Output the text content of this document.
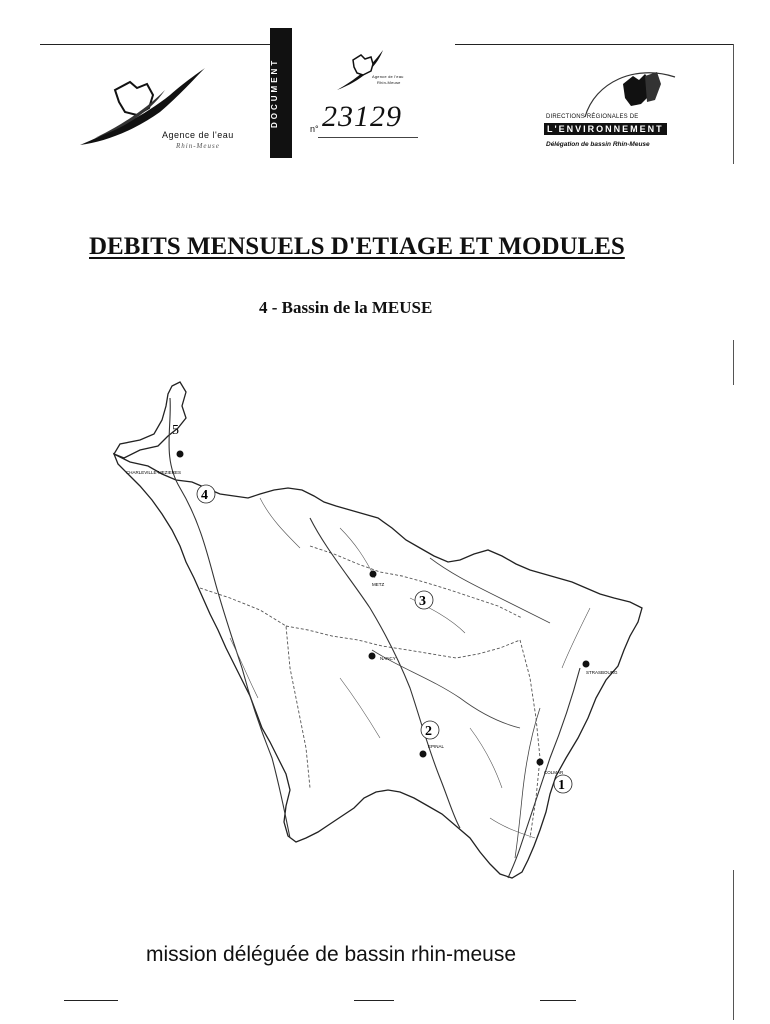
Agence de l'eau
Rhin-Meuse
DOCUMENT	Agence de l'eau
Rhin-Meuse
n° 23129	DIRECTIONS RÉGIONALES DE
L'ENVIRONNEMENT
Délégation de bassin Rhin-Meuse
DEBITS MENSUELS D'ETIAGE ET MODULES
4 - Bassin de la MEUSE
CHARLEVILLE-MEZIERES
METZ
NANCY
STRASBOURG
EPINAL
COLMAR
1
2
3
4
5
mission déléguée de bassin rhin-meuse
